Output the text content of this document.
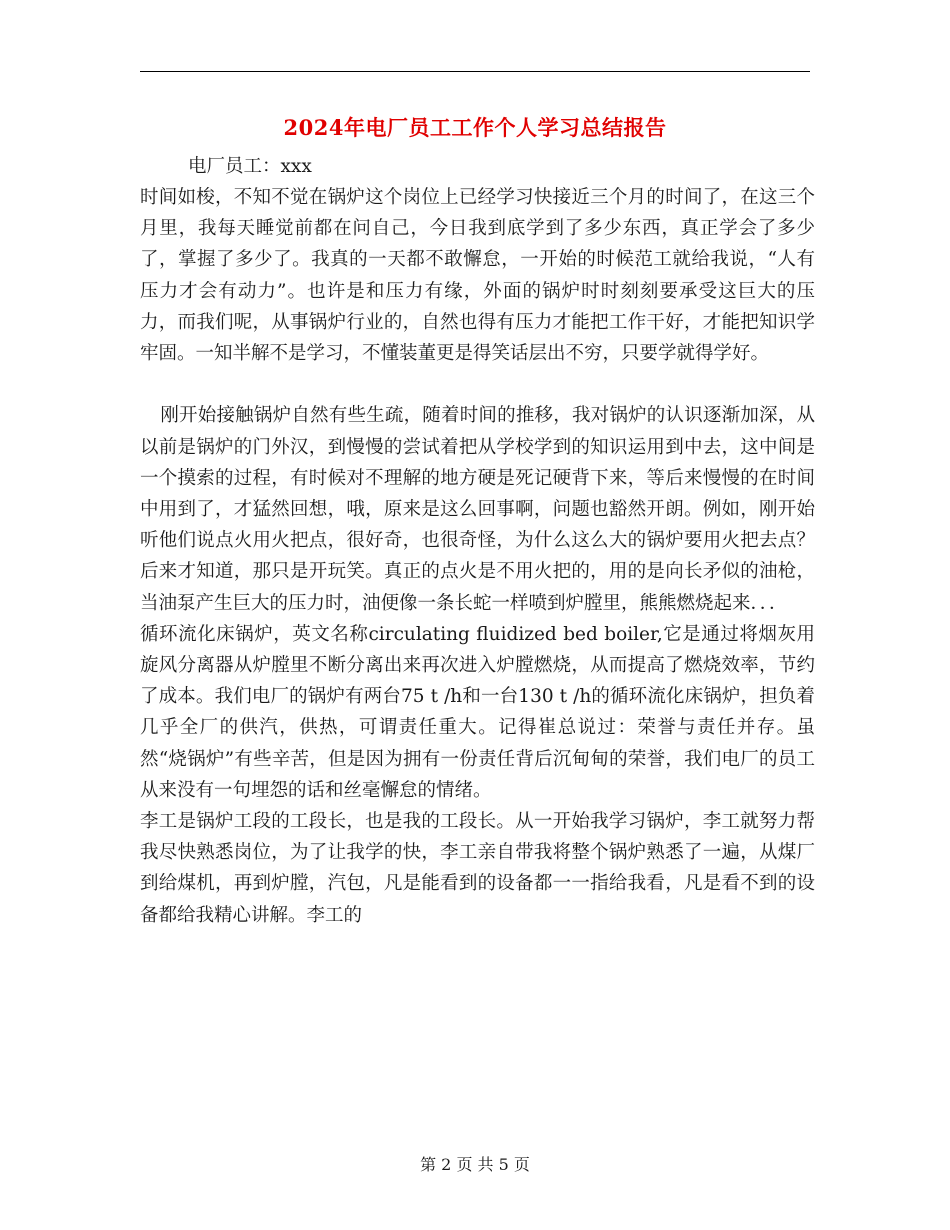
2024年电厂员工工作个人学习总结报告

电厂员工：xxx

时间如梭，不知不觉在锅炉这个岗位上已经学习快接近三个月的时间了，在这三个月里，我每天睡觉前都在问自己，今日我到底学到了多少东西，真正学会了多少了，掌握了多少了。我真的一天都不敢懈怠，一开始的时候范工就给我说，“人有压力才会有动力”。也许是和压力有缘，外面的锅炉时时刻刻要承受这巨大的压力，而我们呢，从事锅炉行业的，自然也得有压力才能把工作干好，才能把知识学牢固。一知半解不是学习，不懂装董更是得笑话层出不穷，只要学就得学好。

刚开始接触锅炉自然有些生疏，随着时间的推移，我对锅炉的认识逐渐加深，从以前是锅炉的门外汉，到慢慢的尝试着把从学校学到的知识运用到中去，这中间是一个摸索的过程，有时候对不理解的地方硬是死记硬背下来，等后来慢慢的在时间中用到了，才猛然回想，哦，原来是这么回事啊，问题也豁然开朗。例如，刚开始听他们说点火用火把点，很好奇，也很奇怪，为什么这么大的锅炉要用火把去点？后来才知道，那只是开玩笑。真正的点火是不用火把的，用的是向长矛似的油枪，当油泵产生巨大的压力时，油便像一条长蛇一样喷到炉膛里，熊熊燃烧起来．．．

循环流化床锅炉，英文名称circulating fluidized bed boiler,它是通过将烟灰用旋风分离器从炉膛里不断分离出来再次进入炉膛燃烧，从而提高了燃烧效率，节约了成本。我们电厂的锅炉有两台75 t /h和一台130 t /h的循环流化床锅炉，担负着几乎全厂的供汽，供热，可谓责任重大。记得崔总说过：荣誉与责任并存。虽然“烧锅炉”有些辛苦，但是因为拥有一份责任背后沉甸甸的荣誉，我们电厂的员工从来没有一句埋怨的话和丝毫懈怠的情绪。

李工是锅炉工段的工段长，也是我的工段长。从一开始我学习锅炉，李工就努力帮我尽快熟悉岗位，为了让我学的快，李工亲自带我将整个锅炉熟悉了一遍，从煤厂到给煤机，再到炉膛，汽包，凡是能看到的设备都一一指给我看，凡是看不到的设备都给我精心讲解。李工的

第 2 页 共 5 页
